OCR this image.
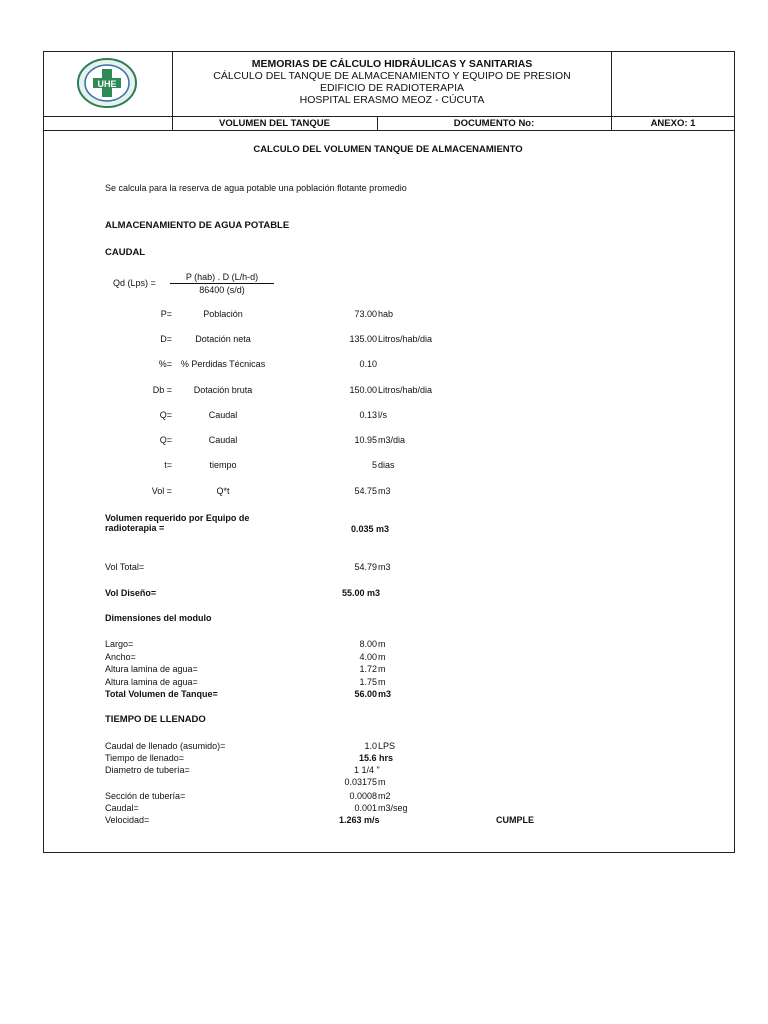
UHE
MEMORIAS DE CÁLCULO HIDRÁULICAS Y SANITARIAS
CÁLCULO DEL TANQUE DE ALMACENAMIENTO Y EQUIPO DE PRESION
EDIFICIO DE RADIOTERAPIA
HOSPITAL ERASMO MEOZ - CÚCUTA
VOLUMEN DEL TANQUE	DOCUMENTO No:	ANEXO: 1
CALCULO DEL VOLUMEN TANQUE DE ALMACENAMIENTO
Se calcula para la reserva de agua potable una población flotante promedio
ALMACENAMIENTO DE AGUA POTABLE
CAUDAL
Qd (Lps) =
P (hab) . D (L/h-d)
86400 (s/d)
P=	Población	73.00 hab
D=	Dotación neta	135.00 Litros/hab/dia
%= % Perdidas Técnicas	0.10
Db =	Dotación bruta	150.00 Litros/hab/dia
Q=	Caudal	0.13 l/s
Q=	Caudal	10.95 m3/dia
t=	tiempo	5 dias
Vol =	Q*t	54.75 m3
Volumen requerido por Equipo de
radioterapia =	0.035 m3
Vol Total=	54.79 m3
Vol Diseño=	55.00 m3
Dimensiones del modulo
Largo=	8.00 m
Ancho=	4.00 m
Altura lamina de agua=	1.72 m
Altura lamina de agua=	1.75 m
Total Volumen de Tanque=	56.00 m3
TIEMPO DE LLENADO
Caudal de llenado (asumido)=	1.0 LPS
Tiempo de llenado=	15.6 hrs
Diametro de tubería=	1 1/4 "
0.03175 m
Sección de tubería=	0.0008 m2
Caudal=	0.001 m3/seg
Velocidad=	1.263 m/s	CUMPLE
